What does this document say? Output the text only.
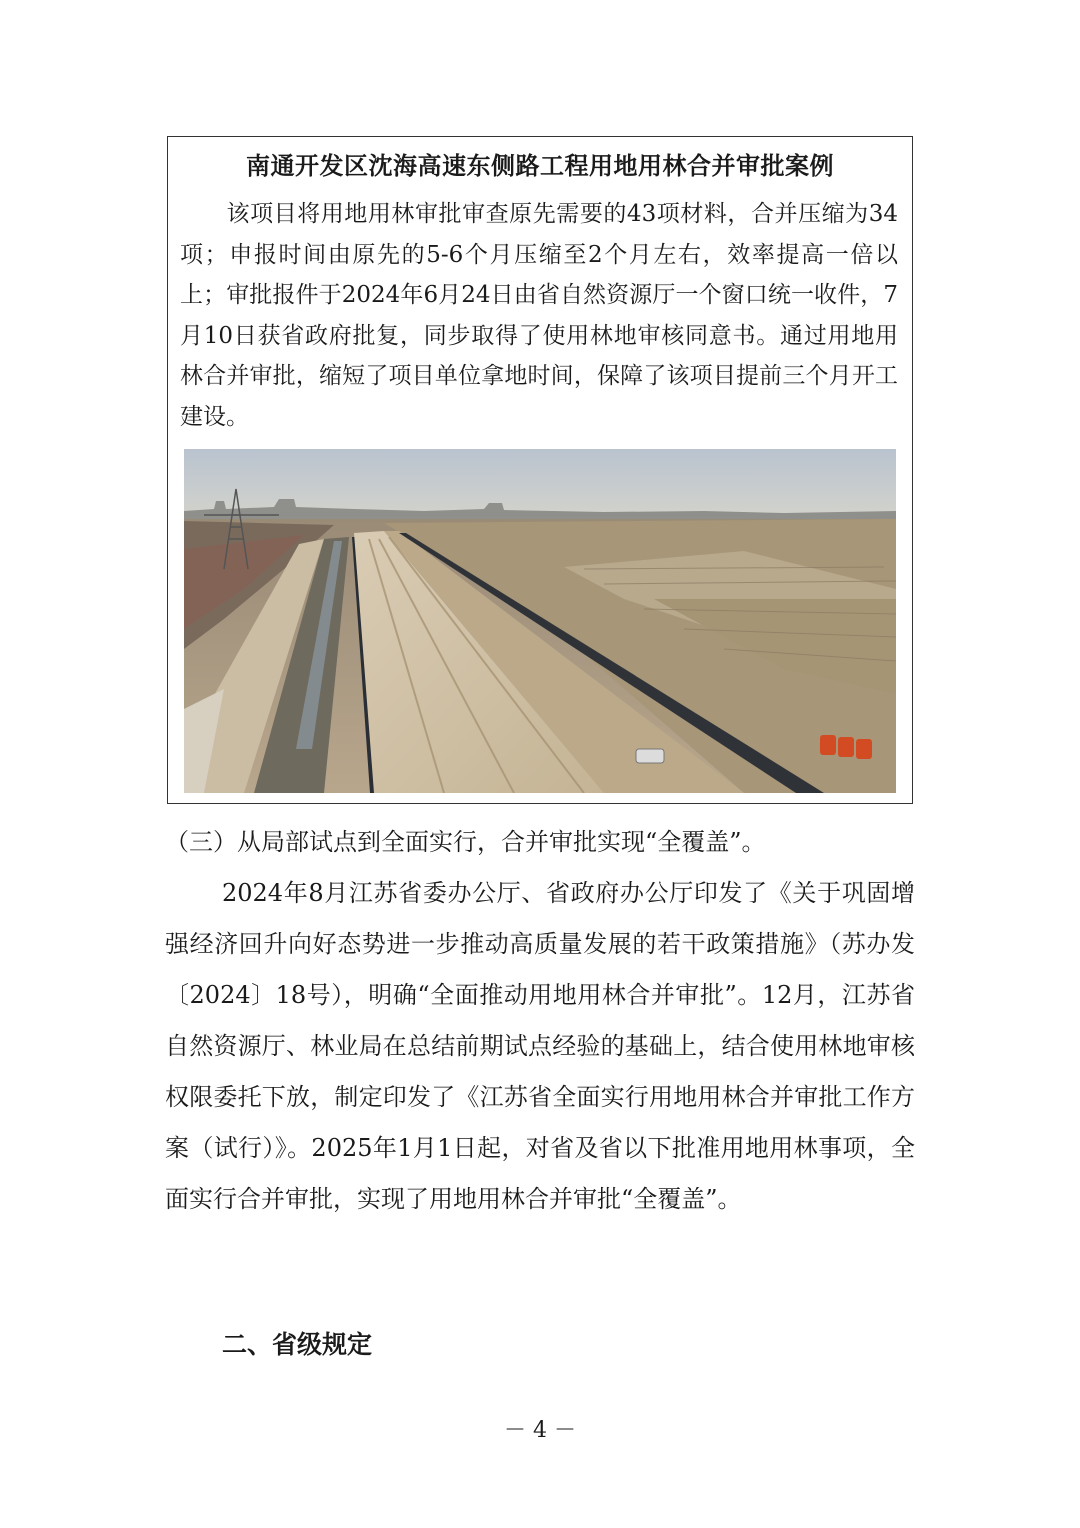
南通开发区沈海高速东侧路工程用地用林合并审批案例

该项目将用地用林审批审查原先需要的43项材料，合并压缩为34项；申报时间由原先的5-6个月压缩至2个月左右，效率提高一倍以上；审批报件于2024年6月24日由省自然资源厅一个窗口统一收件，7月10日获省政府批复，同步取得了使用林地审核同意书。通过用地用林合并审批，缩短了项目单位拿地时间，保障了该项目提前三个月开工建设。

（三）从局部试点到全面实行，合并审批实现“全覆盖”。

2024年8月江苏省委办公厅、省政府办公厅印发了《关于巩固增强经济回升向好态势进一步推动高质量发展的若干政策措施》（苏办发〔2024〕18号），明确“全面推动用地用林合并审批”。12月，江苏省自然资源厅、林业局在总结前期试点经验的基础上，结合使用林地审核权限委托下放，制定印发了《江苏省全面实行用地用林合并审批工作方案（试行）》。2025年1月1日起，对省及省以下批准用地用林事项，全面实行合并审批，实现了用地用林合并审批“全覆盖”。

二、省级规定
－ 4 －
